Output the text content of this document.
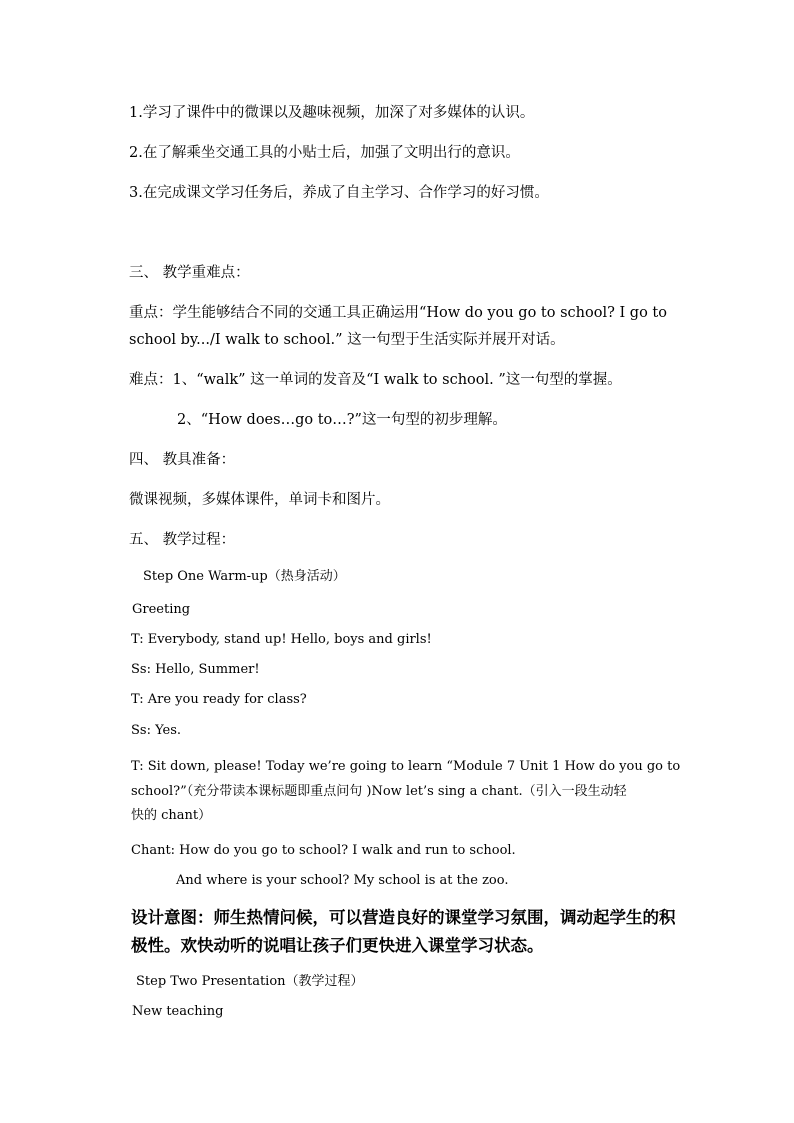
1.学习了课件中的微课以及趣味视频，加深了对多媒体的认识。
2.在了解乘坐交通工具的小贴士后，加强了文明出行的意识。
3.在完成课文学习任务后，养成了自主学习、合作学习的好习惯。
三、 教学重难点：
重点：学生能够结合不同的交通工具正确运用“How do you go to school? I go to
school by.../I walk to school.” 这一句型于生活实际并展开对话。
难点：1、“walk” 这一单词的发音及“I walk to school. ”这一句型的掌握。
2、“How does…go to…?”这一句型的初步理解。
四、 教具准备：
微课视频，多媒体课件，单词卡和图片。
五、 教学过程：
Step One Warm-up（热身活动）
Greeting
T: Everybody, stand up! Hello, boys and girls!
Ss: Hello, Summer!
T: Are you ready for class?
Ss: Yes.
T: Sit down, please! Today we’re going to learn “Module 7 Unit 1 How do you go to
school?”（充分带读本课标题即重点问句 )Now let’s sing a chant.（引入一段生动轻
快的 chant）
Chant: How do you go to school? I walk and run to school.
And where is your school? My school is at the zoo.
设计意图：师生热情问候，可以营造良好的课堂学习氛围，调动起学生的积
极性。欢快动听的说唱让孩子们更快进入课堂学习状态。
Step Two Presentation（教学过程）
New teaching
